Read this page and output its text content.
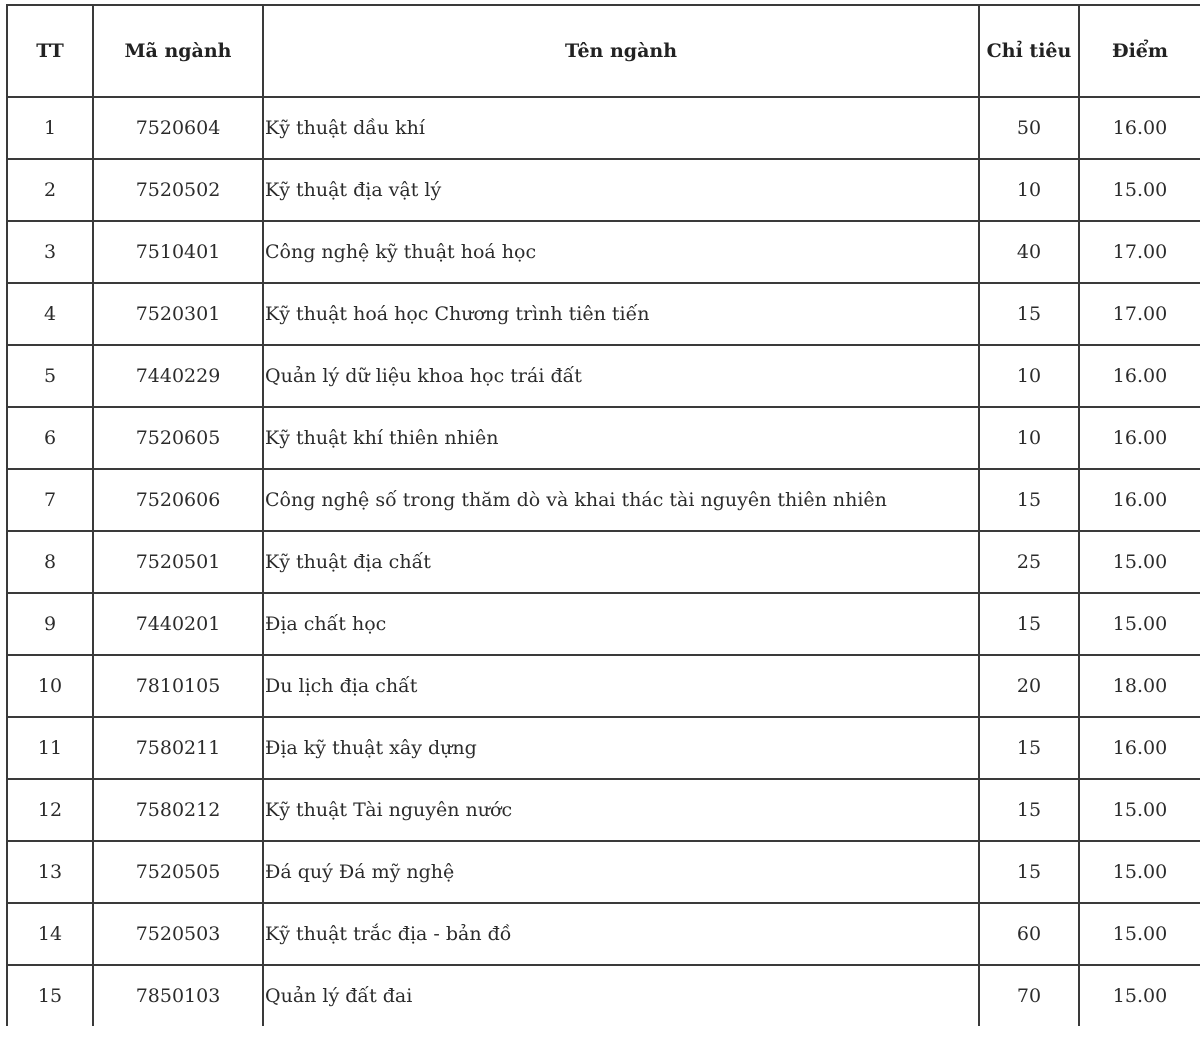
TT	Mã ngành	Tên ngành	Chỉ tiêu	Điểm
1	7520604	Kỹ thuật dầu khí	50	16.00
2	7520502	Kỹ thuật địa vật lý	10	15.00
3	7510401	Công nghệ kỹ thuật hoá học	40	17.00
4	7520301	Kỹ thuật hoá học Chương trình tiên tiến	15	17.00
5	7440229	Quản lý dữ liệu khoa học trái đất	10	16.00
6	7520605	Kỹ thuật khí thiên nhiên	10	16.00
7	7520606	Công nghệ số trong thăm dò và khai thác tài nguyên thiên nhiên	15	16.00
8	7520501	Kỹ thuật địa chất	25	15.00
9	7440201	Địa chất học	15	15.00
10	7810105	Du lịch địa chất	20	18.00
11	7580211	Địa kỹ thuật xây dựng	15	16.00
12	7580212	Kỹ thuật Tài nguyên nước	15	15.00
13	7520505	Đá quý Đá mỹ nghệ	15	15.00
14	7520503	Kỹ thuật trắc địa - bản đồ	60	15.00
15	7850103	Quản lý đất đai	70	15.00
